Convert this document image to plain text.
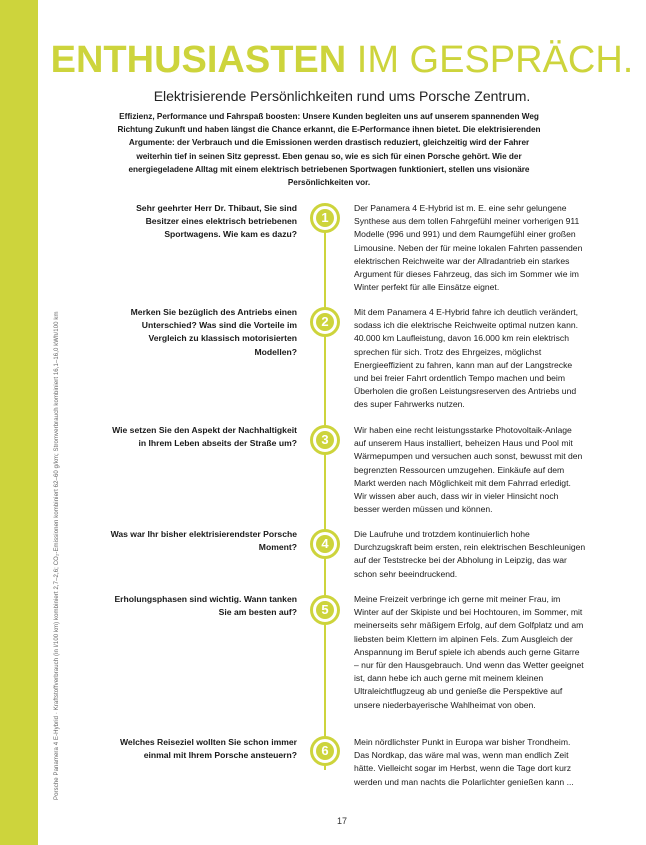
Porsche Panamera 4 E-Hybrid · Kraftstoffverbrauch (in l/100 km) kombiniert 2,7–2,6; CO₂-Emissionen kombiniert 62–60 g/km; Stromverbrauch kombiniert 16,1–16,0 kWh/100 km
ENTHUSIASTEN IM GESPRÄCH.
Elektrisierende Persönlichkeiten rund ums Porsche Zentrum.
Effizienz, Performance und Fahrspaß boosten: Unsere Kunden begleiten uns auf unserem spannenden Weg Richtung Zukunft und haben längst die Chance erkannt, die E-Performance ihnen bietet. Die elektrisierenden Argumente: der Verbrauch und die Emissionen werden drastisch reduziert, gleichzeitig wird der Fahrer weiterhin tief in seinen Sitz gepresst. Eben genau so, wie es sich für einen Porsche gehört. Wie der energiegeladene Alltag mit einem elektrisch betriebenen Sportwagen funktioniert, stellen uns visionäre Persönlichkeiten vor.
Sehr geehrter Herr Dr. Thibaut, Sie sind Besitzer eines elektrisch betriebenen Sportwagens. Wie kam es dazu?
1
Der Panamera 4 E-Hybrid ist m. E. eine sehr gelungene Synthese aus dem tollen Fahrgefühl meiner vorherigen 911 Modelle (996 und 991) und dem Raumgefühl einer großen Limousine. Neben der für meine lokalen Fahrten passenden elektrischen Reichweite war der Allradantrieb ein starkes Argument für dieses Fahrzeug, das sich im Sommer wie im Winter perfekt für alle Einsätze eignet.
Merken Sie bezüglich des Antriebs einen Unterschied? Was sind die Vorteile im Vergleich zu klassisch motorisierten Modellen?
2
Mit dem Panamera 4 E-Hybrid fahre ich deutlich verändert, sodass ich die elektrische Reichweite optimal nutzen kann. 40.000 km Laufleistung, davon 16.000 km rein elektrisch sprechen für sich. Trotz des Ehrgeizes, möglichst Energieeffizient zu fahren, kann man auf der Langstrecke und bei freier Fahrt ordentlich Tempo machen und beim Überholen die großen Leistungsreserven des Antriebs und des super Fahrwerks nutzen.
Wie setzen Sie den Aspekt der Nachhaltigkeit in Ihrem Leben abseits der Straße um?	3
Wir haben eine recht leistungsstarke Photovoltaik-Anlage auf unserem Haus installiert, beheizen Haus und Pool mit Wärmepumpen und versuchen auch sonst, bewusst mit den begrenzten Ressourcen umzugehen. Einkäufe auf dem Markt werden nach Möglichkeit mit dem Fahrrad erledigt. Wir wissen aber auch, dass wir in vieler Hinsicht noch besser werden müssen und können.
Was war Ihr bisher elektrisierendster Porsche Moment?	4
Die Laufruhe und trotzdem kontinuierlich hohe Durchzugskraft beim ersten, rein elektrischen Beschleunigen auf der Teststrecke bei der Abholung in Leipzig, das war schon sehr beeindruckend.
Erholungsphasen sind wichtig. Wann tanken Sie am besten auf?	5
Meine Freizeit verbringe ich gerne mit meiner Frau, im Winter auf der Skipiste und bei Hochtouren, im Sommer, mit meinerseits sehr mäßigem Erfolg, auf dem Golfplatz und am liebsten beim Klettern im alpinen Fels. Zum Ausgleich der Anspannung im Beruf spiele ich abends auch gerne Gitarre – nur für den Hausgebrauch. Und wenn das Wetter geeignet ist, dann hebe ich auch gerne mit meinem kleinen Ultraleichtflugzeug ab und genieße die Perspektive auf unsere niederbayerische Wahlheimat von oben.
Welches Reiseziel wollten Sie schon immer einmal mit Ihrem Porsche ansteuern?	6
Mein nördlichster Punkt in Europa war bisher Trondheim. Das Nordkap, das wäre mal was, wenn man endlich Zeit hätte. Vielleicht sogar im Herbst, wenn die Tage dort kurz werden und man nachts die Polarlichter genießen kann ...
17
